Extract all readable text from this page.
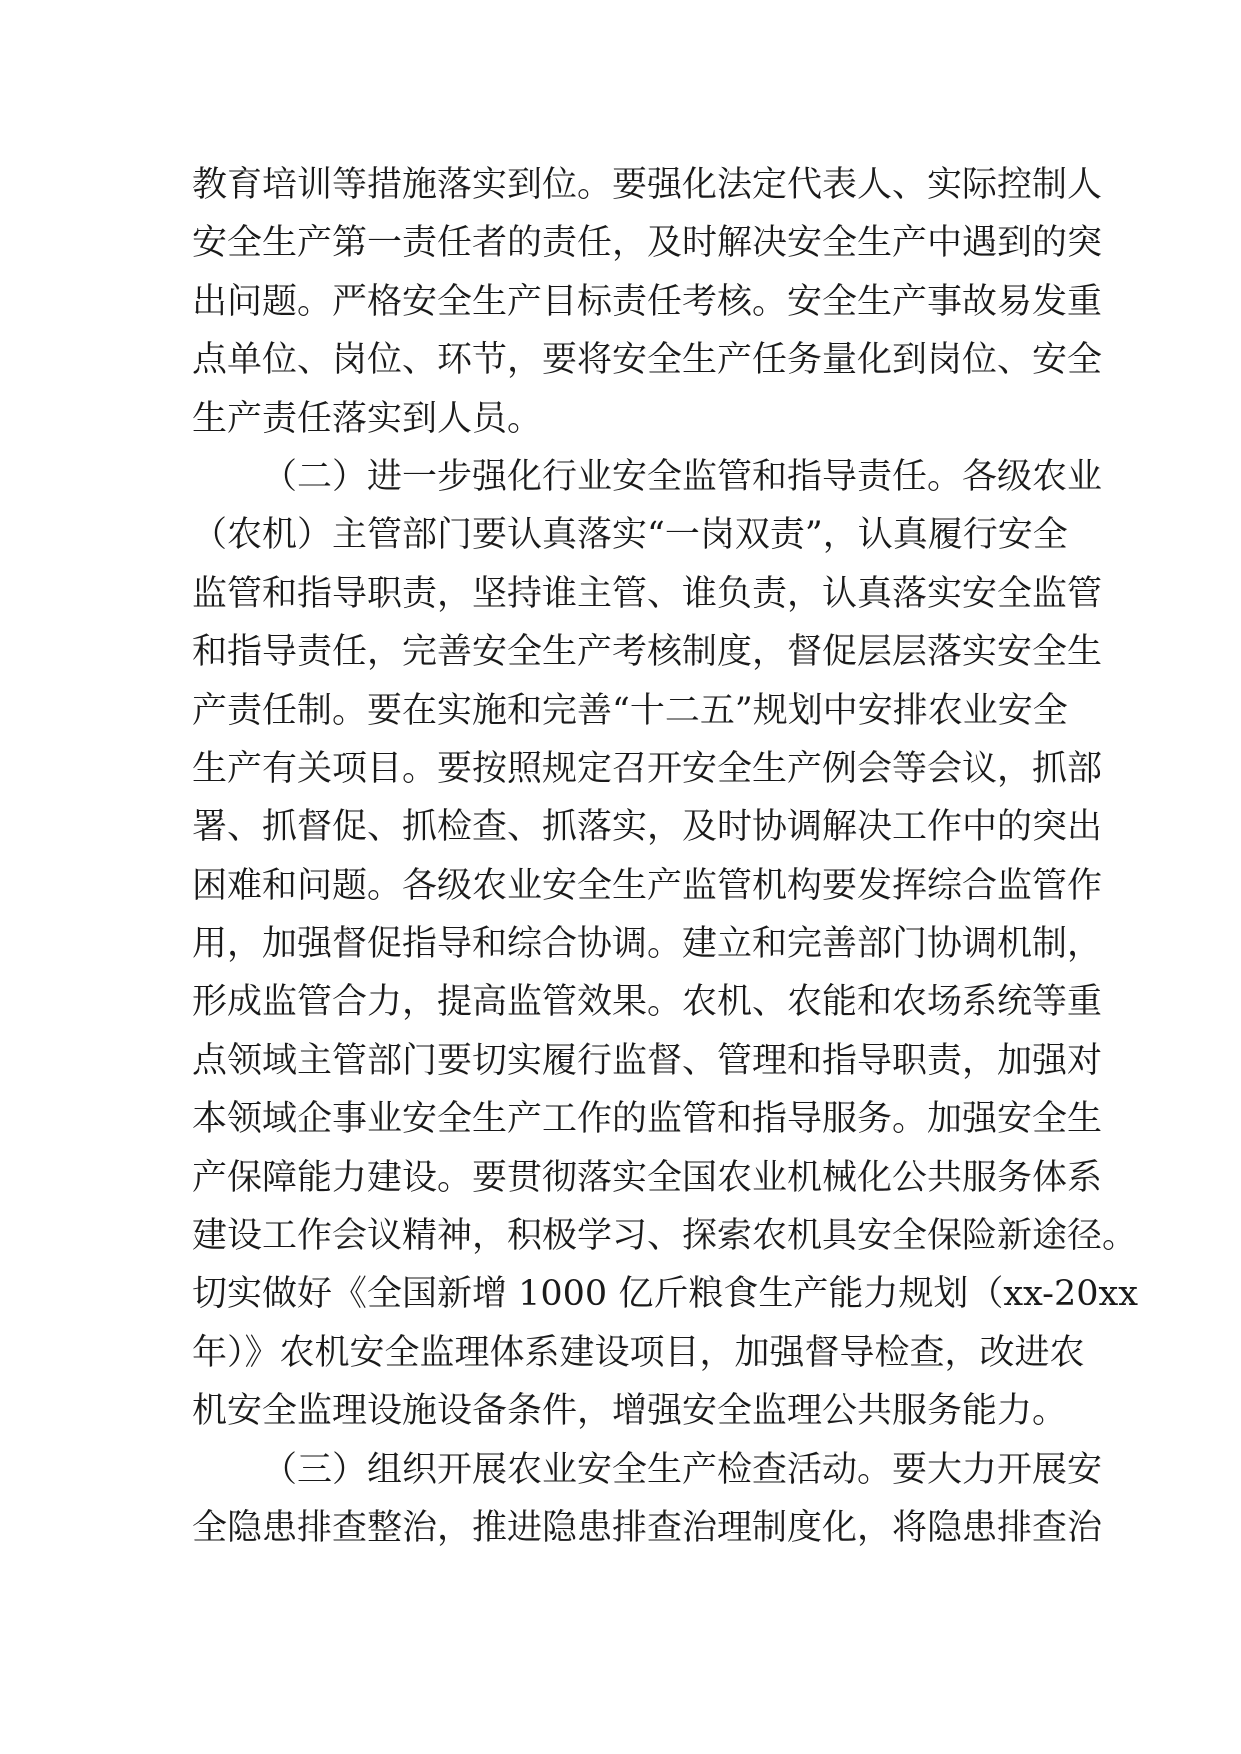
教育培训等措施落实到位。要强化法定代表人、实际控制人
安全生产第一责任者的责任，及时解决安全生产中遇到的突
出问题。严格安全生产目标责任考核。安全生产事故易发重
点单位、岗位、环节，要将安全生产任务量化到岗位、安全
生产责任落实到人员。
（二）进一步强化行业安全监管和指导责任。各级农业
（农机）主管部门要认真落实“一岗双责”，认真履行安全
监管和指导职责，坚持谁主管、谁负责，认真落实安全监管
和指导责任，完善安全生产考核制度，督促层层落实安全生
产责任制。要在实施和完善“十二五”规划中安排农业安全
生产有关项目。要按照规定召开安全生产例会等会议，抓部
署、抓督促、抓检查、抓落实，及时协调解决工作中的突出
困难和问题。各级农业安全生产监管机构要发挥综合监管作
用，加强督促指导和综合协调。建立和完善部门协调机制，
形成监管合力，提高监管效果。农机、农能和农场系统等重
点领域主管部门要切实履行监督、管理和指导职责，加强对
本领域企事业安全生产工作的监管和指导服务。加强安全生
产保障能力建设。要贯彻落实全国农业机械化公共服务体系
建设工作会议精神，积极学习、探索农机具安全保险新途径。
切实做好《全国新增 1000 亿斤粮食生产能力规划（xx-20xx
年）》农机安全监理体系建设项目，加强督导检查，改进农
机安全监理设施设备条件，增强安全监理公共服务能力。
（三）组织开展农业安全生产检查活动。要大力开展安
全隐患排查整治，推进隐患排查治理制度化，将隐患排查治
